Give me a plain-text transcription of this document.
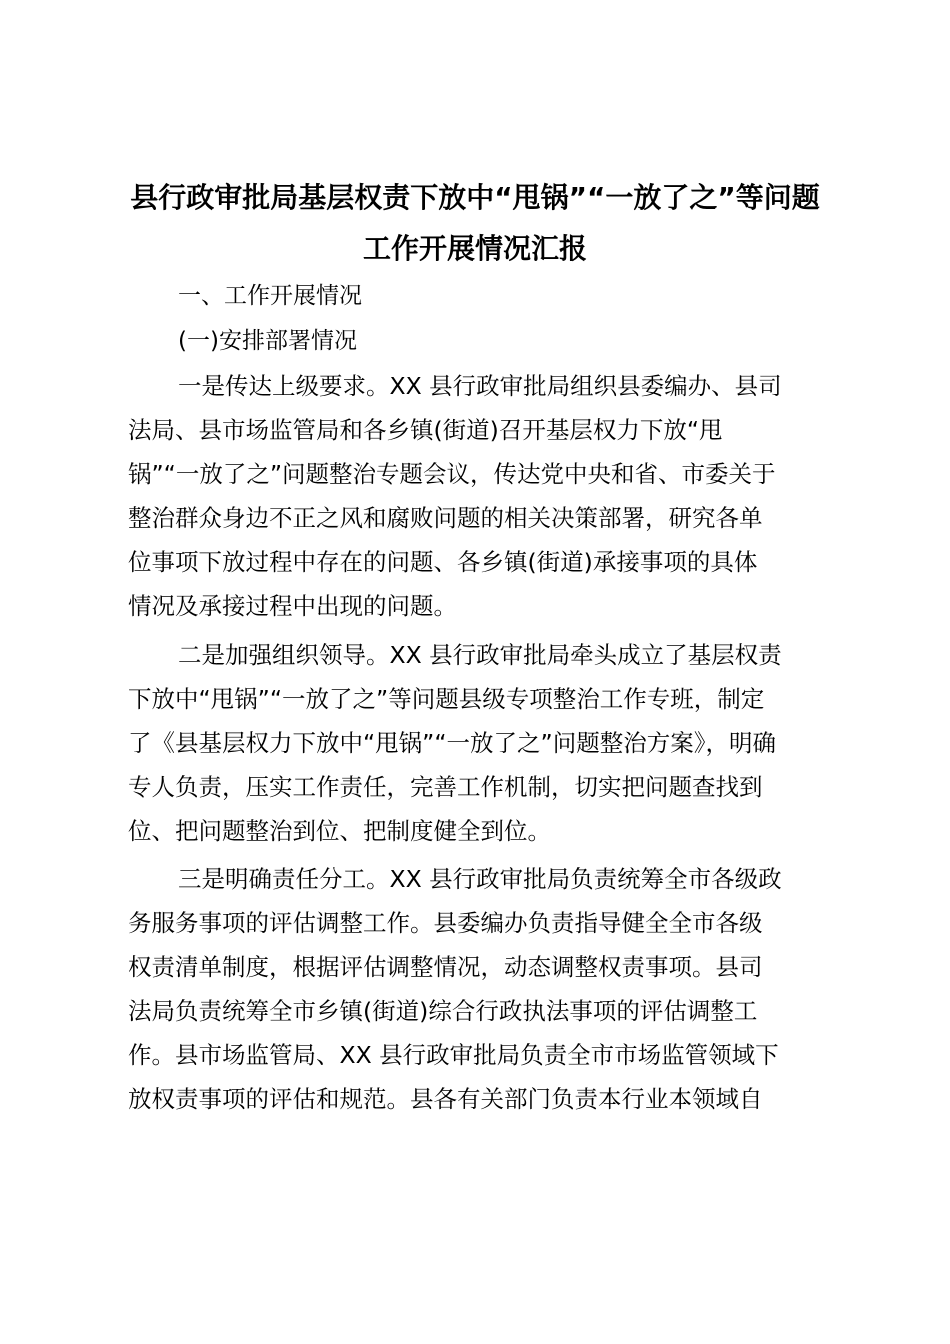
县行政审批局基层权责下放中“甩锅”“一放了之”等问题
工作开展情况汇报
一、工作开展情况
(一)安排部署情况
一是传达上级要求。XX 县行政审批局组织县委编办、县司
法局、县市场监管局和各乡镇(街道)召开基层权力下放“甩
锅”“一放了之”问题整治专题会议，传达党中央和省、市委关于
整治群众身边不正之风和腐败问题的相关决策部署，研究各单
位事项下放过程中存在的问题、各乡镇(街道)承接事项的具体
情况及承接过程中出现的问题。
二是加强组织领导。XX 县行政审批局牵头成立了基层权责
下放中“甩锅”“一放了之”等问题县级专项整治工作专班，制定
了《县基层权力下放中“甩锅”“一放了之”问题整治方案》，明确
专人负责，压实工作责任，完善工作机制，切实把问题查找到
位、把问题整治到位、把制度健全到位。
三是明确责任分工。XX 县行政审批局负责统筹全市各级政
务服务事项的评估调整工作。县委编办负责指导健全全市各级
权责清单制度，根据评估调整情况，动态调整权责事项。县司
法局负责统筹全市乡镇(街道)综合行政执法事项的评估调整工
作。县市场监管局、XX 县行政审批局负责全市市场监管领域下
放权责事项的评估和规范。县各有关部门负责本行业本领域自
